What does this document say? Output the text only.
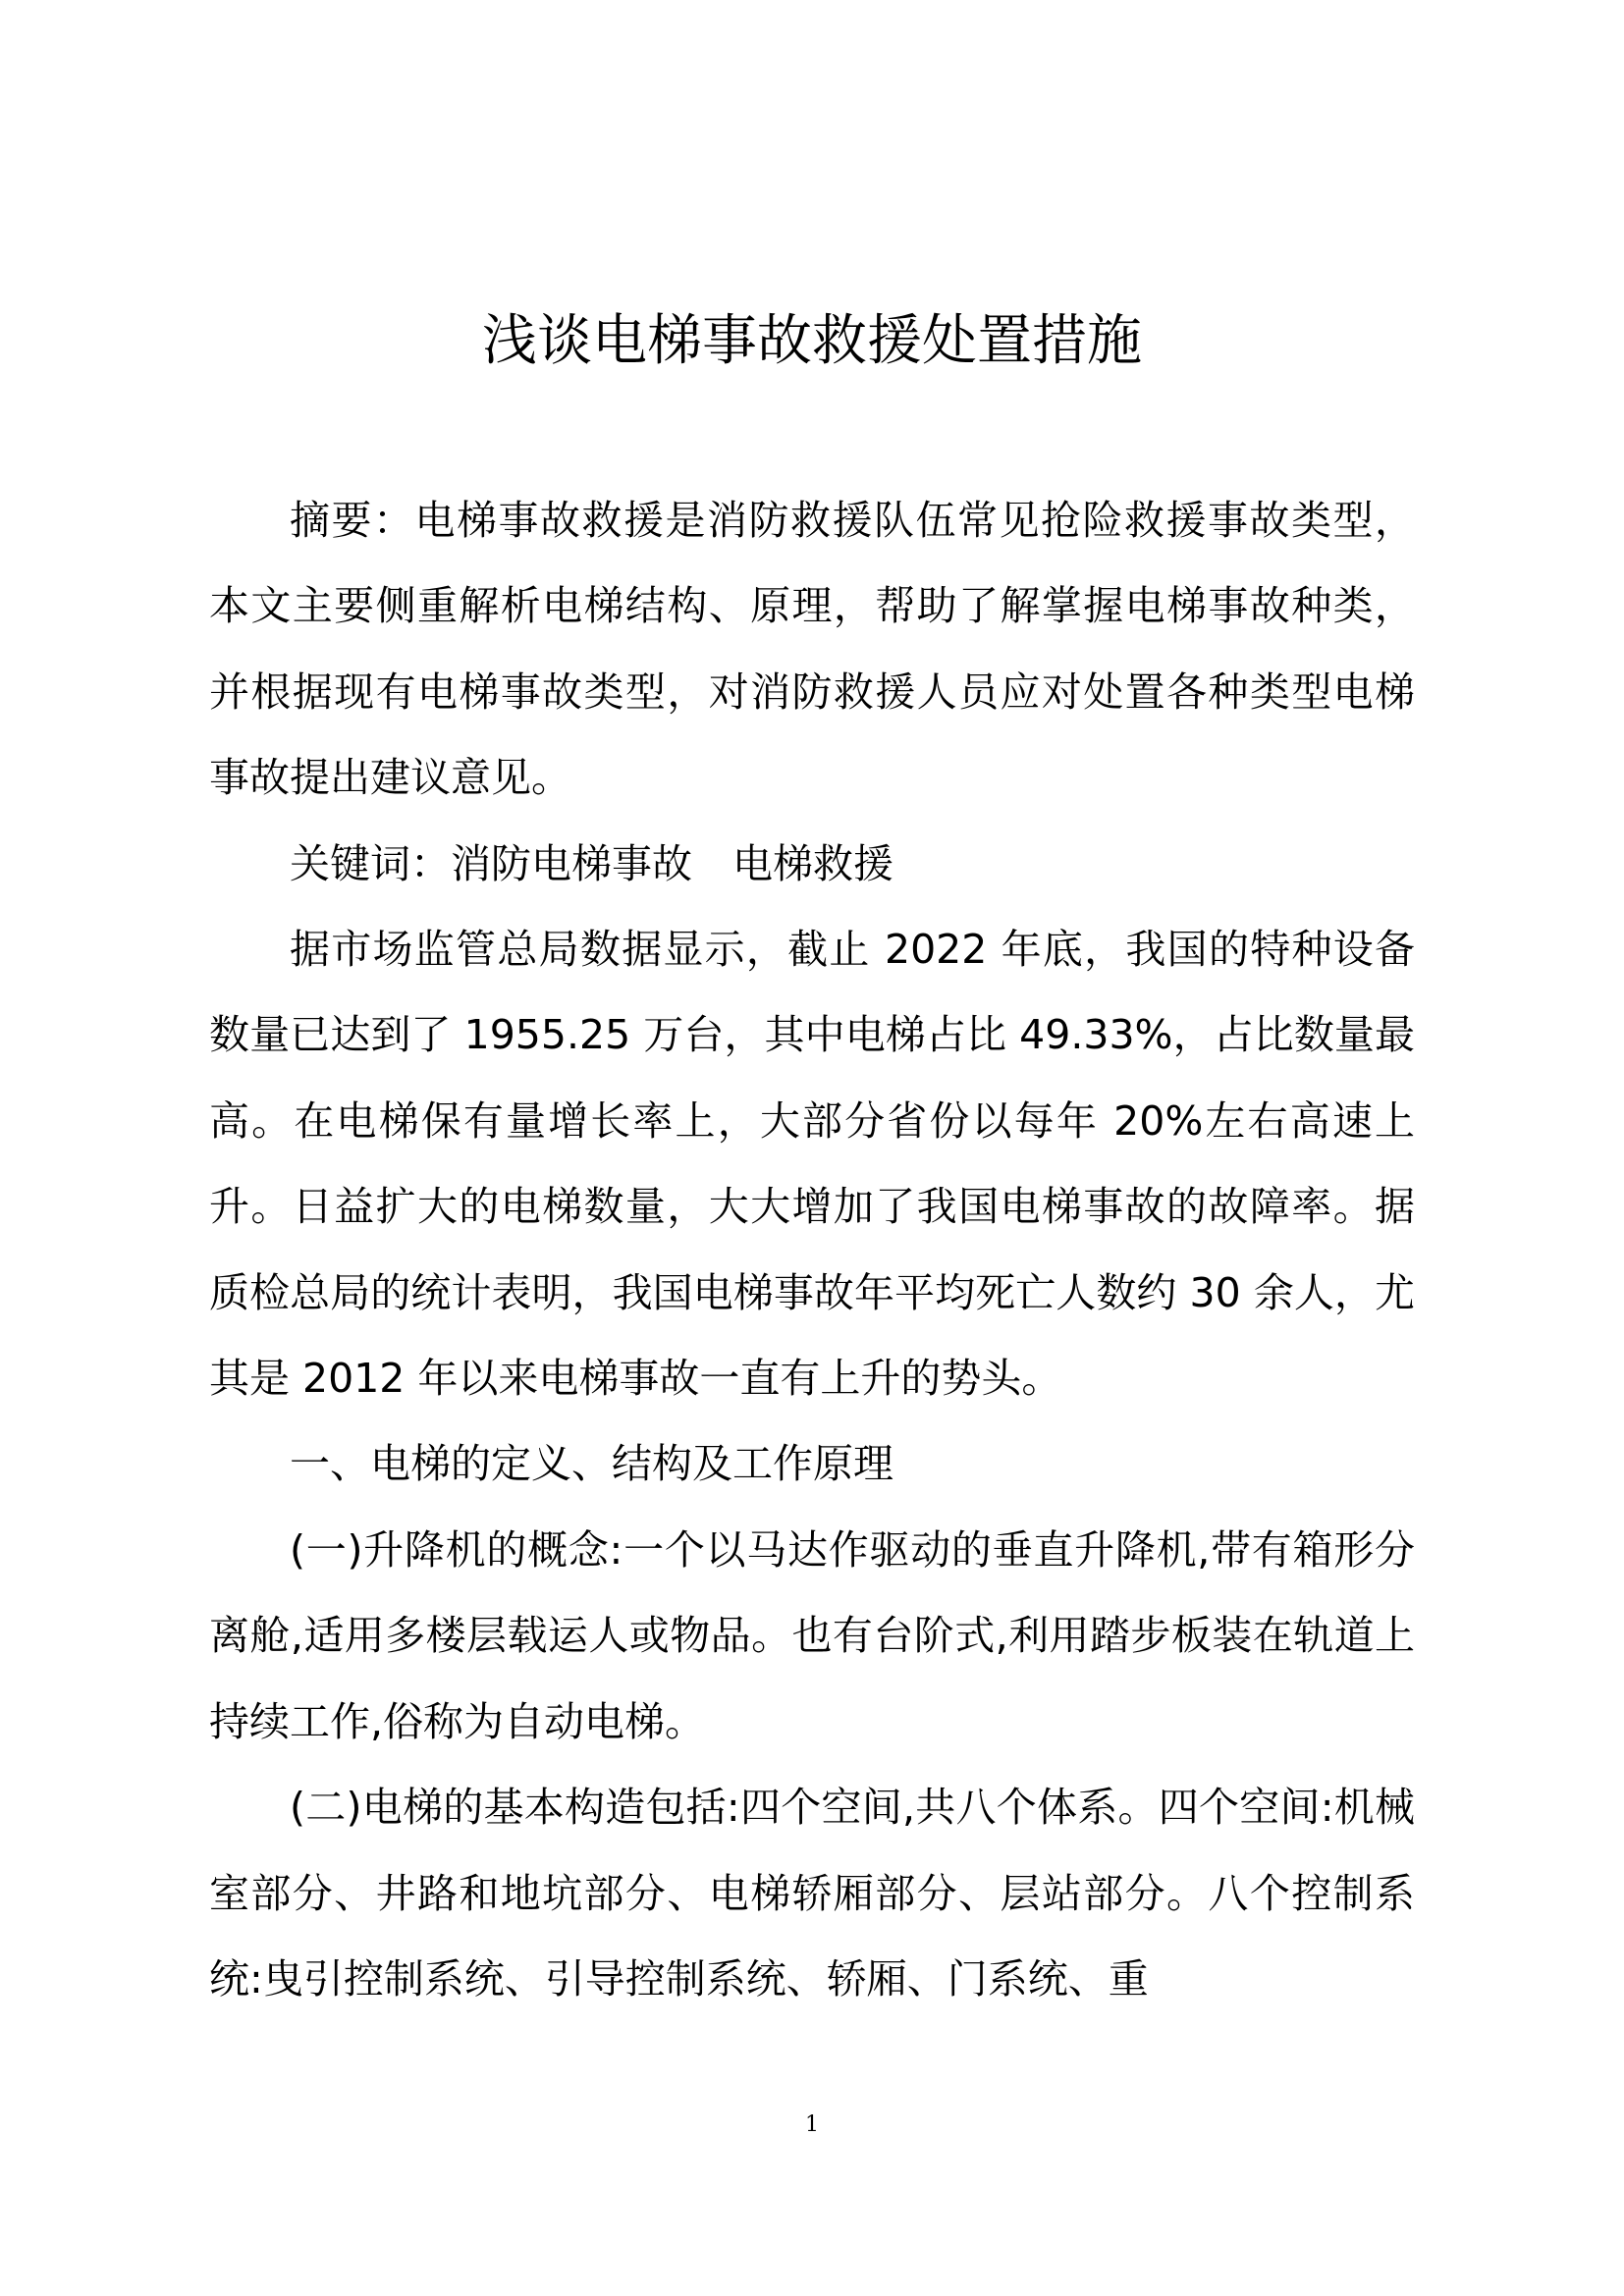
浅谈电梯事故救援处置措施

摘要：电梯事故救援是消防救援队伍常见抢险救援事故类型，本文主要侧重解析电梯结构、原理，帮助了解掌握电梯事故种类，并根据现有电梯事故类型，对消防救援人员应对处置各种类型电梯事故提出建议意见。

关键词：消防电梯事故　电梯救援

据市场监管总局数据显示，截止 2022 年底，我国的特种设备数量已达到了 1955.25 万台，其中电梯占比 49.33%，占比数量最高。在电梯保有量增长率上，大部分省份以每年 20%左右高速上升。日益扩大的电梯数量，大大增加了我国电梯事故的故障率。据质检总局的统计表明，我国电梯事故年平均死亡人数约 30 余人，尤其是 2012 年以来电梯事故一直有上升的势头。

一、电梯的定义、结构及工作原理

(一)升降机的概念:一个以马达作驱动的垂直升降机,带有箱形分离舱,适用多楼层载运人或物品。也有台阶式,利用踏步板装在轨道上持续工作,俗称为自动电梯。

(二)电梯的基本构造包括:四个空间,共八个体系。四个空间:机械室部分、井路和地坑部分、电梯轿厢部分、层站部分。八个控制系统:曳引控制系统、引导控制系统、轿厢、门系统、重

1
